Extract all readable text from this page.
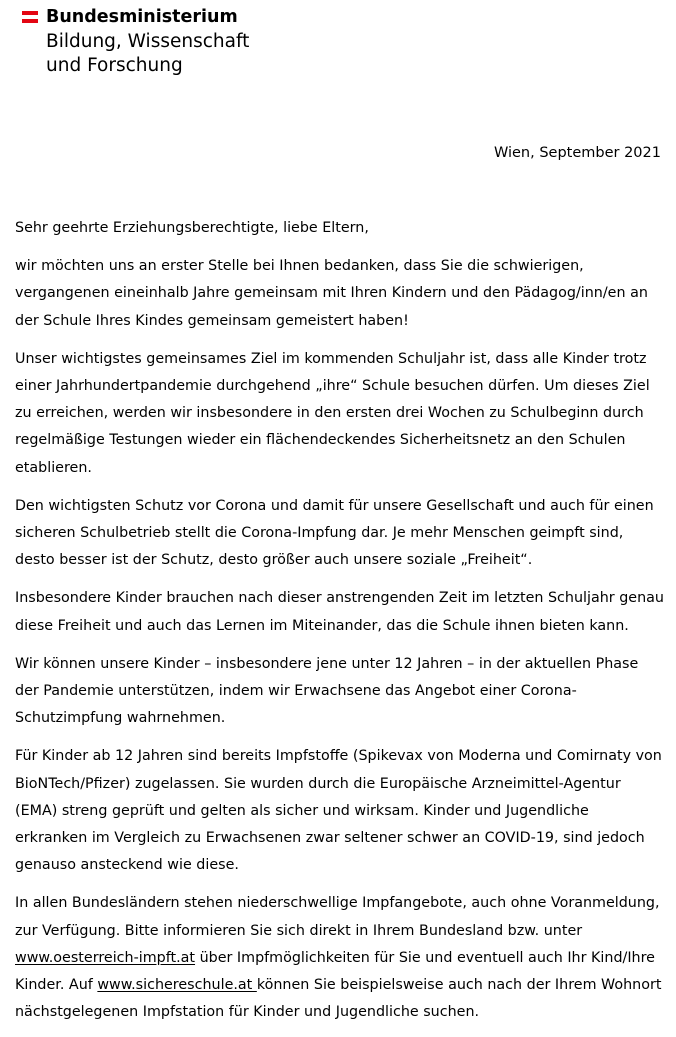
Bundesministerium
Bildung, Wissenschaft
und Forschung
Wien, September 2021

Sehr geehrte Erziehungsberechtigte, liebe Eltern,

wir möchten uns an erster Stelle bei Ihnen bedanken, dass Sie die schwierigen, vergangenen eineinhalb Jahre gemeinsam mit Ihren Kindern und den Pädagog/inn/en an der Schule Ihres Kindes gemeinsam gemeistert haben!

Unser wichtigstes gemeinsames Ziel im kommenden Schuljahr ist, dass alle Kinder trotz einer Jahrhundertpandemie durchgehend „ihre“ Schule besuchen dürfen. Um dieses Ziel zu erreichen, werden wir insbesondere in den ersten drei Wochen zu Schulbeginn durch regelmäßige Testungen wieder ein flächendeckendes Sicherheitsnetz an den Schulen etablieren.

Den wichtigsten Schutz vor Corona und damit für unsere Gesellschaft und auch für einen sicheren Schulbetrieb stellt die Corona-Impfung dar. Je mehr Menschen geimpft sind, desto besser ist der Schutz, desto größer auch unsere soziale „Freiheit“.

Insbesondere Kinder brauchen nach dieser anstrengenden Zeit im letzten Schuljahr genau diese Freiheit und auch das Lernen im Miteinander, das die Schule ihnen bieten kann.

Wir können unsere Kinder – insbesondere jene unter 12 Jahren – in der aktuellen Phase der Pandemie unterstützen, indem wir Erwachsene das Angebot einer Corona-Schutzimpfung wahrnehmen.

Für Kinder ab 12 Jahren sind bereits Impfstoffe (Spikevax von Moderna und Comirnaty von BioNTech/Pfizer) zugelassen. Sie wurden durch die Europäische Arzneimittel-Agentur (EMA) streng geprüft und gelten als sicher und wirksam. Kinder und Jugendliche erkranken im Vergleich zu Erwachsenen zwar seltener schwer an COVID-19, sind jedoch genauso ansteckend wie diese.

In allen Bundesländern stehen niederschwellige Impfangebote, auch ohne Voranmeldung, zur Verfügung. Bitte informieren Sie sich direkt in Ihrem Bundesland bzw. unter www.oesterreich-impft.at über Impfmöglichkeiten für Sie und eventuell auch Ihr Kind/Ihre Kinder. Auf www.sichereschule.at können Sie beispielsweise auch nach der Ihrem Wohnort nächstgelegenen Impfstation für Kinder und Jugendliche suchen.
